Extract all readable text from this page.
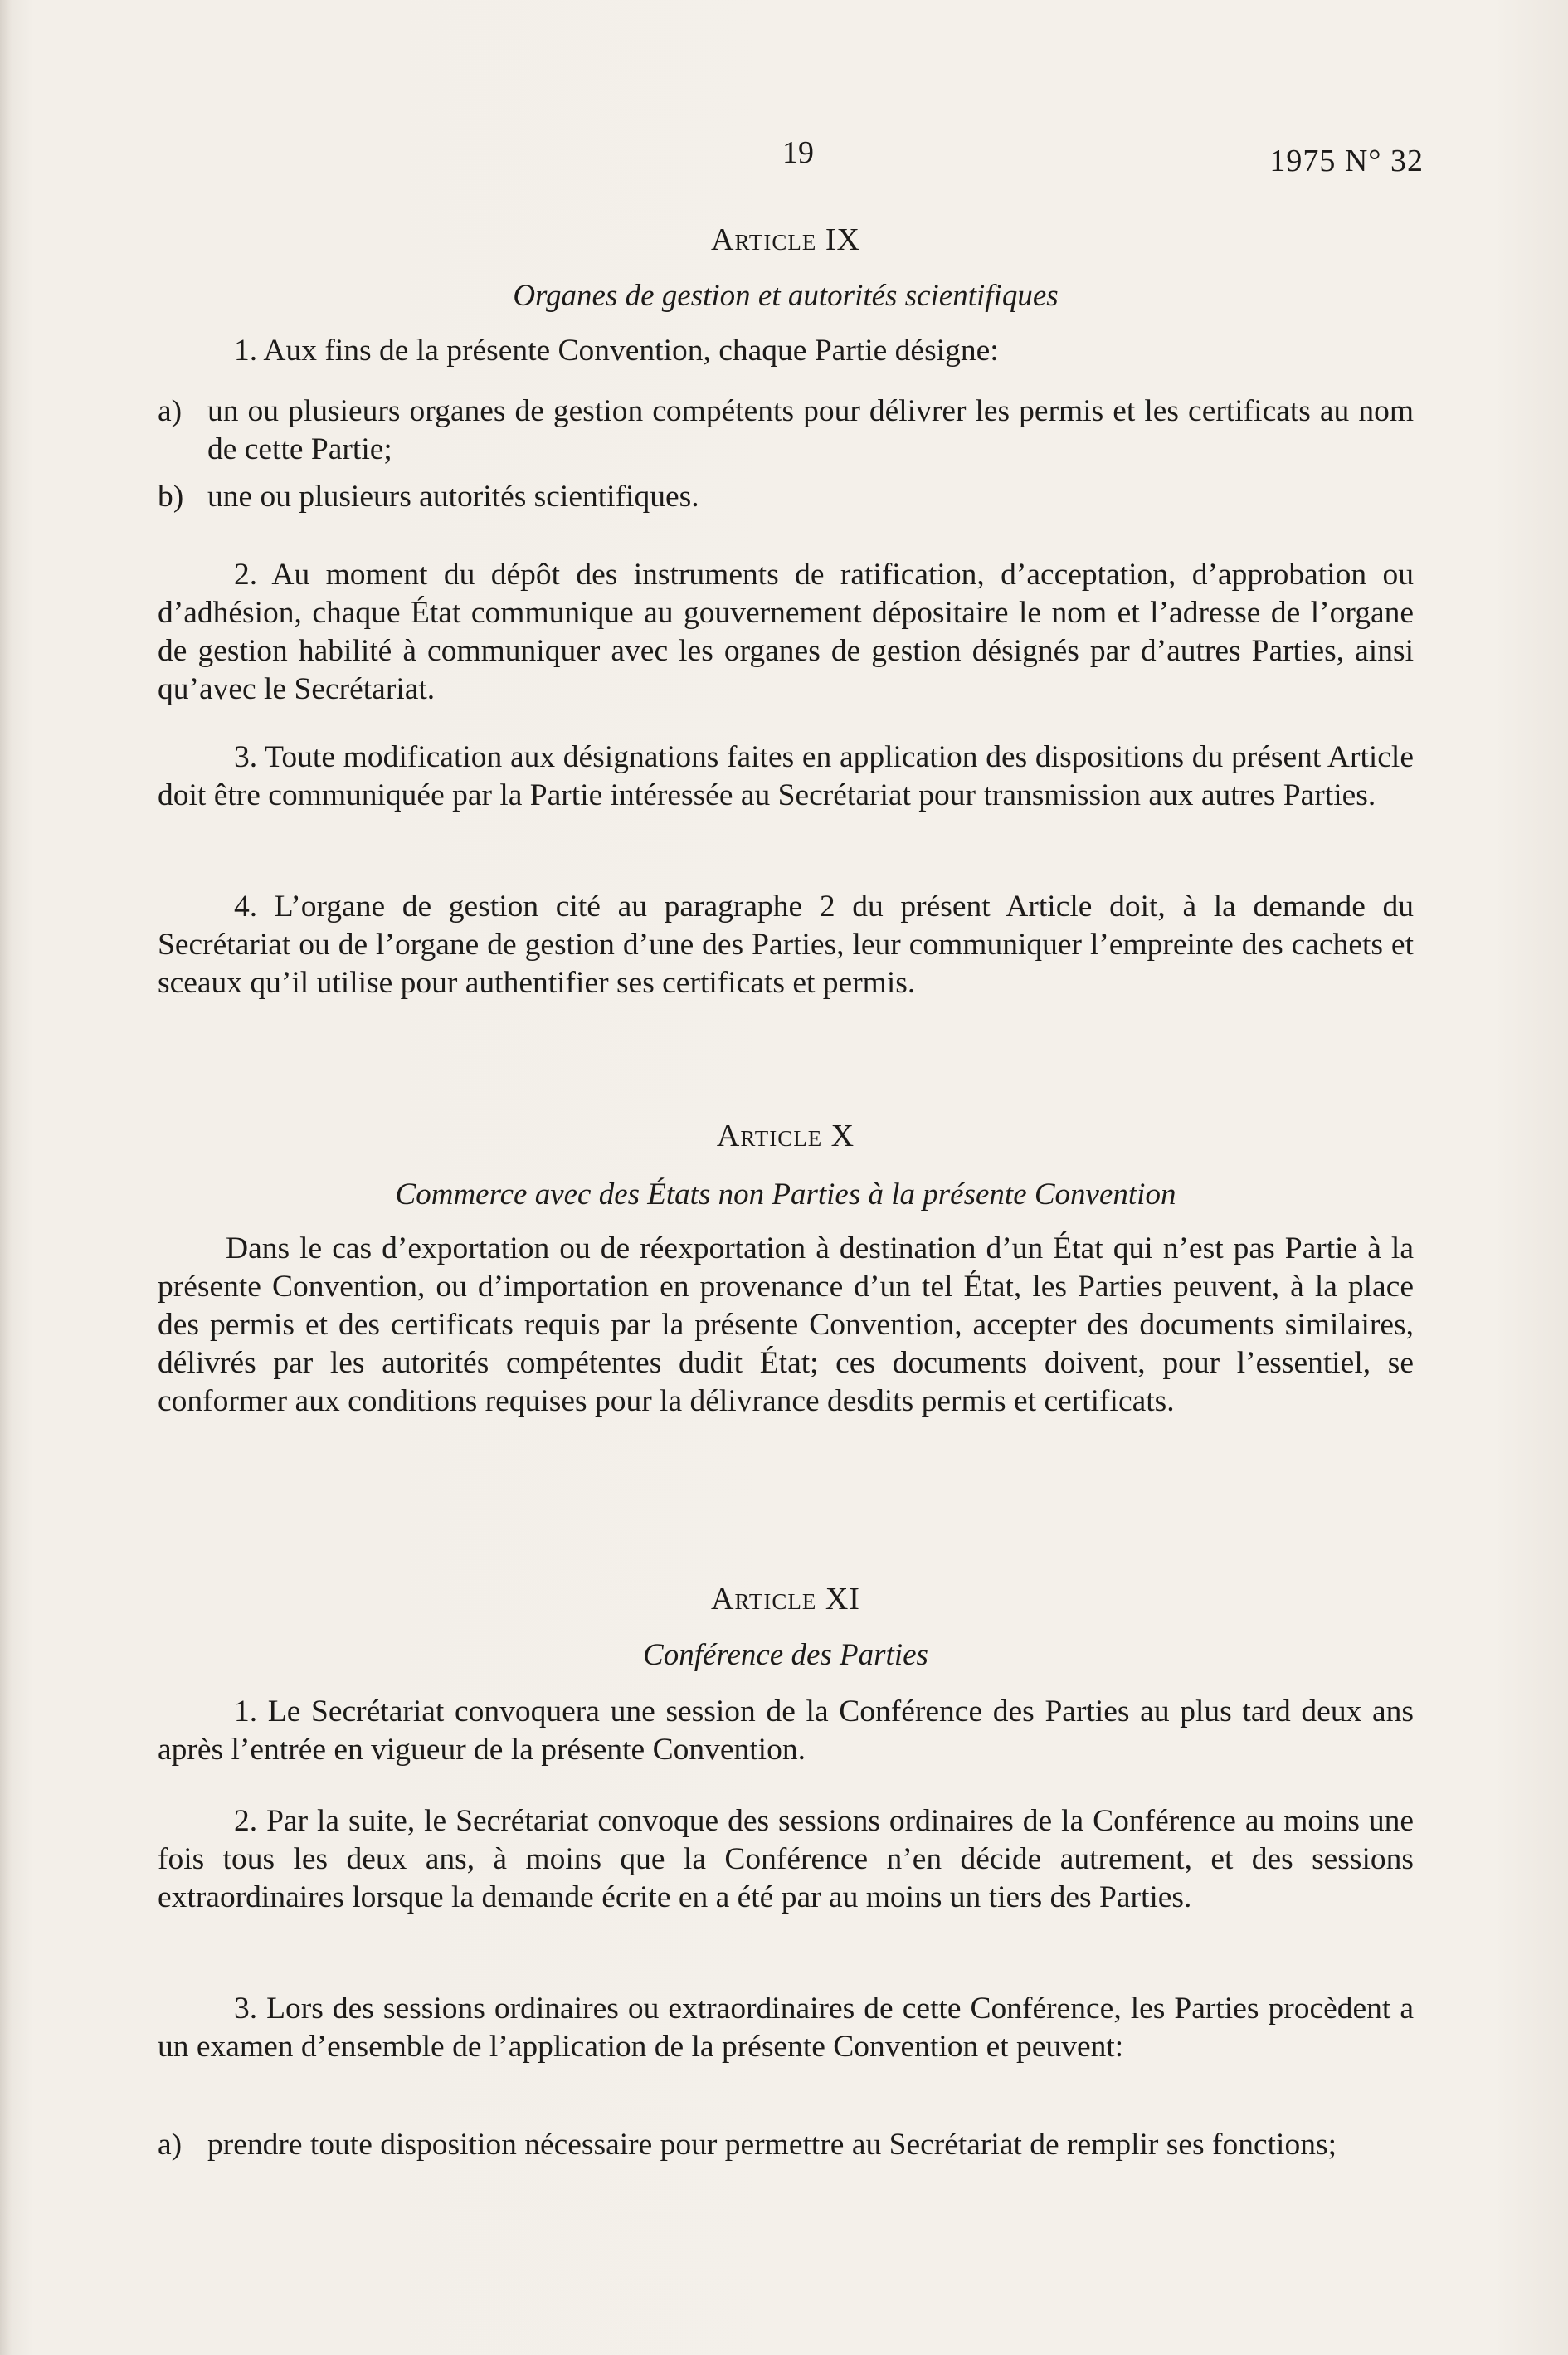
19	1975 N° 32
Article IX
Organes de gestion et autorités scientifiques

1. Aux fins de la présente Convention, chaque Partie désigne:

a) un ou plusieurs organes de gestion compétents pour délivrer les permis et les certificats au nom de cette Partie;

b) une ou plusieurs autorités scientifiques.

2. Au moment du dépôt des instruments de ratification, d’acceptation, d’approbation ou d’adhésion, chaque État communique au gouvernement dépositaire le nom et l’adresse de l’organe de gestion habilité à communiquer avec les organes de gestion désignés par d’autres Parties, ainsi qu’avec le Secrétariat.

3. Toute modification aux désignations faites en application des dispositions du présent Article doit être communiquée par la Partie intéressée au Secrétariat pour transmission aux autres Parties.

4. L’organe de gestion cité au paragraphe 2 du présent Article doit, à la demande du Secrétariat ou de l’organe de gestion d’une des Parties, leur communiquer l’empreinte des cachets et sceaux qu’il utilise pour authentifier ses certificats et permis.

Article X
Commerce avec des États non Parties à la présente Convention

Dans le cas d’exportation ou de réexportation à destination d’un État qui n’est pas Partie à la présente Convention, ou d’importation en provenance d’un tel État, les Parties peuvent, à la place des permis et des certificats requis par la présente Convention, accepter des documents similaires, délivrés par les autorités compétentes dudit État; ces documents doivent, pour l’essentiel, se conformer aux conditions requises pour la délivrance desdits permis et certificats.

Article XI
Conférence des Parties

1. Le Secrétariat convoquera une session de la Conférence des Parties au plus tard deux ans après l’entrée en vigueur de la présente Convention.

2. Par la suite, le Secrétariat convoque des sessions ordinaires de la Conférence au moins une fois tous les deux ans, à moins que la Conférence n’en décide autrement, et des sessions extraordinaires lorsque la demande écrite en a été par au moins un tiers des Parties.

3. Lors des sessions ordinaires ou extraordinaires de cette Conférence, les Parties procèdent a un examen d’ensemble de l’application de la présente Convention et peuvent:

a) prendre toute disposition nécessaire pour permettre au Secrétariat de remplir ses fonctions;
